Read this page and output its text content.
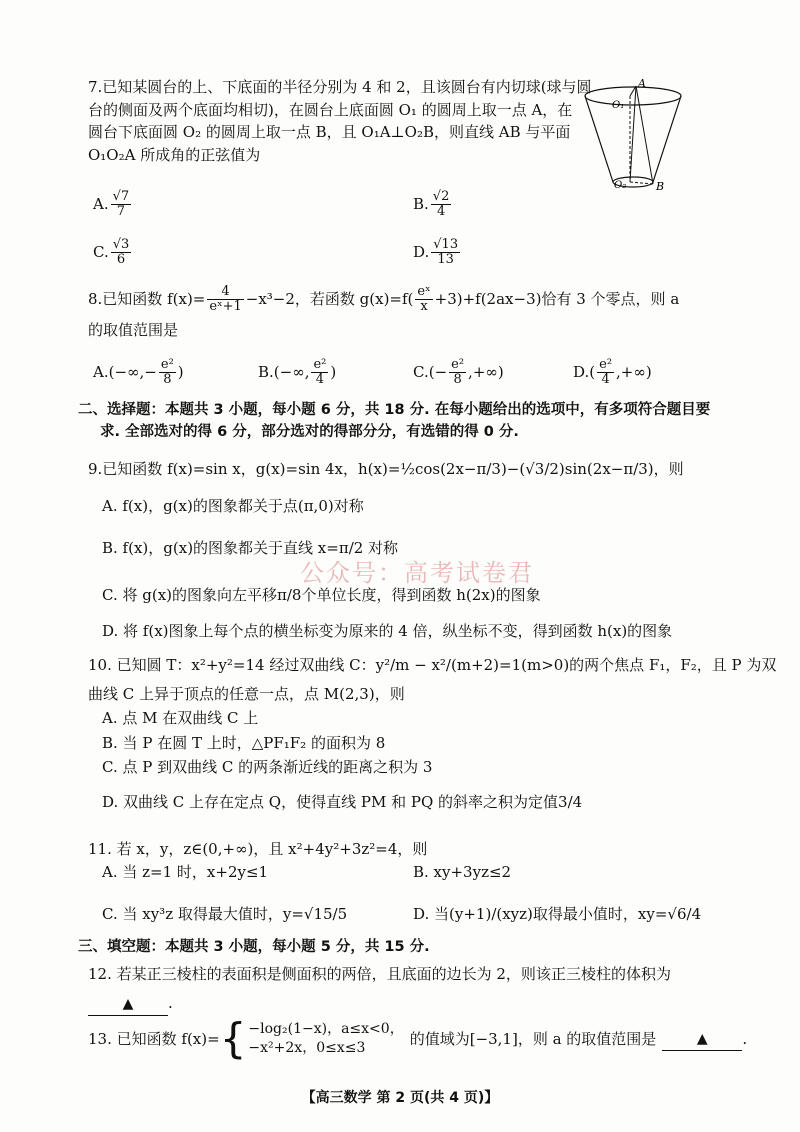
7.已知某圆台的上、下底面的半径分别为 4 和 2，且该圆台有内切球(球与圆
台的侧面及两个底面均相切)，在圆台上底面圆 O₁ 的圆周上取一点 A，在
圆台下底面圆 O₂ 的圆周上取一点 B，且 O₁A⊥O₂B，则直线 AB 与平面
O₁O₂A 所成角的正弦值为
A
O₁
O₂	B
A. $\frac{√7}{7}$	B. $\frac{√2}{4}$
C. $\frac{√3}{6}$	D. $\frac{√13}{13}$
8.已知函数 $f(x)= \frac{4}{\text{eˣ+1}} -x^3-2$，若函数 $g(x)=f( \frac{\text{eˣ}}{x} +3)+f(2ax-3)$恰有 3 个零点，则 a
的取值范围是
$A.(-\infty,- \frac{\text{e²}}{8}$ )	B.(−∞, $\frac{\text{e²}}{4}$ )	$C.(- \frac{\text{e²}}{8}$ ,+∞)	$D.( \frac{\text{e²}}{4}$ ,+∞)
二、选择题：本题共 3 小题，每小题 6 分，共 18 分. 在每小题给出的选项中，有多项符合题目要
求. 全部选对的得 6 分，部分选对的得部分分，有选错的得 0 分.
9.已知函数 f(x)=sin x，g(x)=sin 4x，h(x)=½cos(2x−π/3)−(√3/2)sin(2x−π/3)，则
A. f(x)，g(x)的图象都关于点(π,0)对称
B. f(x)，g(x)的图象都关于直线 x=π/2 对称
C. 将 g(x)的图象向左平移π/8个单位长度，得到函数 h(2x)的图象
D. 将 f(x)图象上每个点的横坐标变为原来的 4 倍，纵坐标不变，得到函数 h(x)的图象
公众号：高考试卷君
10. 已知圆 T：x²+y²=14 经过双曲线 C：y²/m − x²/(m+2)=1(m>0)的两个焦点 F₁，F₂，且 P 为双
曲线 C 上异于顶点的任意一点，点 M(2,3)，则
A. 点 M 在双曲线 C 上
B. 当 P 在圆 T 上时，△PF₁F₂ 的面积为 8
C. 点 P 到双曲线 C 的两条渐近线的距离之积为 3
D. 双曲线 C 上存在定点 Q，使得直线 PM 和 PQ 的斜率之积为定值3/4
11. 若 x，y，z∈(0,+∞)，且 x²+4y²+3z²=4，则
A. 当 z=1 时，x+2y≤1	B. xy+3yz≤2
C. 当 xy³z 取得最大值时，y=√15/5	D. 当(y+1)/(xyz)取得最小值时，xy=√6/4
三、填空题：本题共 3 小题，每小题 5 分，共 15 分.
12. 若某正三棱柱的表面积是侧面积的两倍，且底面的边长为 2，则该正三棱柱的体积为
▲ .
13. 已知函数 f(x)= { −log₂(1−x)，a≤x<0，
−x²+2x，0≤x≤3
的值域为[−3,1]，则 a 的取值范围是	▲	.
【高三数学 第 2 页(共 4 页)】
